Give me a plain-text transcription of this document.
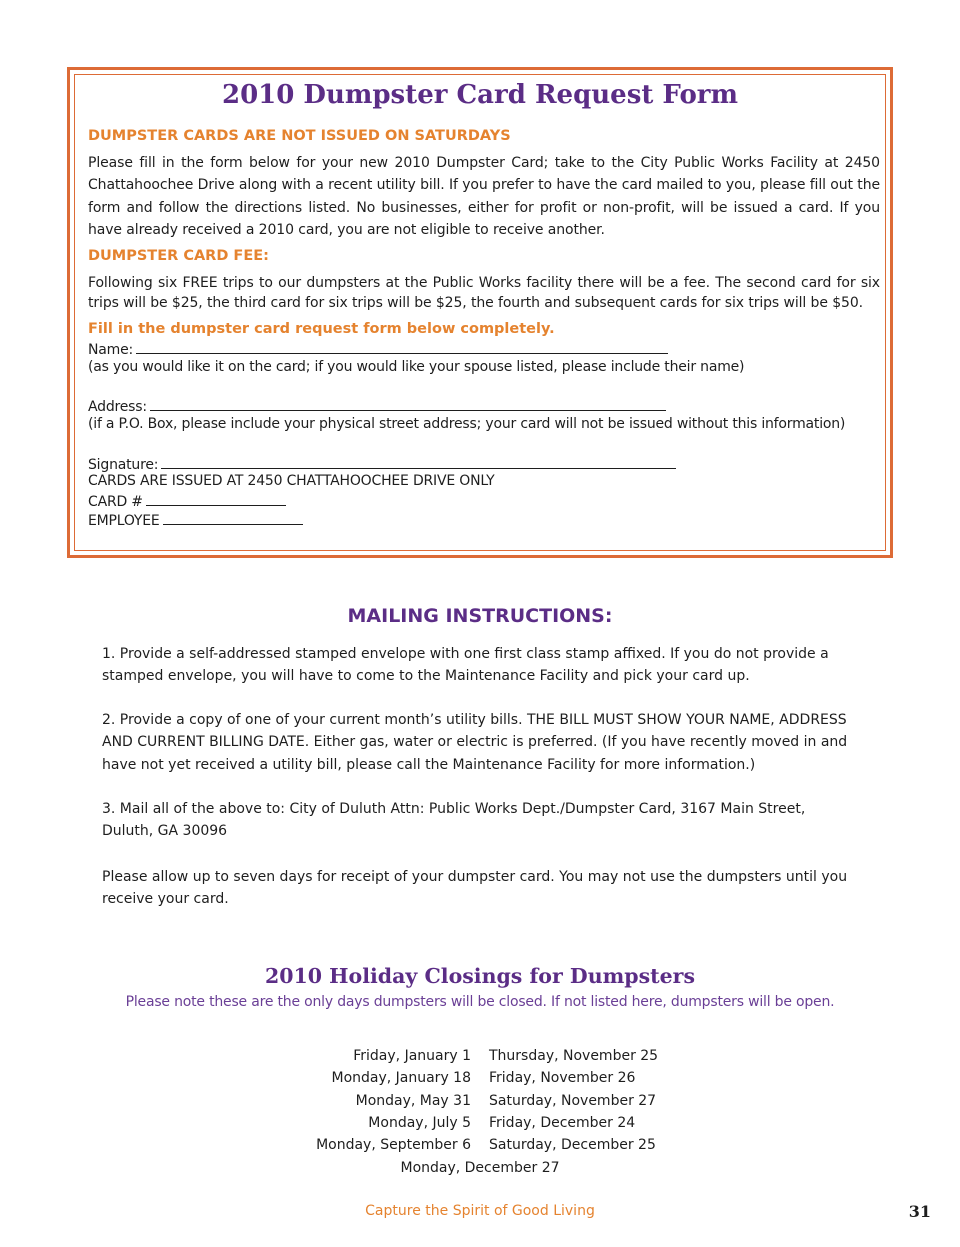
2010 Dumpster Card Request Form

DUMPSTER CARDS ARE NOT ISSUED ON SATURDAYS

Please fill in the form below for your new 2010 Dumpster Card; take to the City Public Works Facility at 2450 Chattahoochee Drive along with a recent utility bill. If you prefer to have the card mailed to you, please fill out the form and follow the directions listed. No businesses, either for profit or non-profit, will be issued a card. If you have already received a 2010 card, you are not eligible to receive another.

DUMPSTER CARD FEE:

Following six FREE trips to our dumpsters at the Public Works facility there will be a fee. The second card for six trips will be $25, the third card for six trips will be $25, the fourth and subsequent cards for six trips will be $50.

Fill in the dumpster card request form below completely.

Name:

(as you would like it on the card; if you would like your spouse listed, please include their name)

Address:

(if a P.O. Box, please include your physical street address; your card will not be issued without this information)

Signature:

CARDS ARE ISSUED AT 2450 CHATTAHOOCHEE DRIVE ONLY

CARD #

EMPLOYEE

MAILING INSTRUCTIONS:

1. Provide a self-addressed stamped envelope with one first class stamp affixed. If you do not provide a stamped envelope, you will have to come to the Maintenance Facility and pick your card up.

2. Provide a copy of one of your current month’s utility bills. THE BILL MUST SHOW YOUR NAME, ADDRESS AND CURRENT BILLING DATE. Either gas, water or electric is preferred. (If you have recently moved in and have not yet received a utility bill, please call the Maintenance Facility for more information.)

3. Mail all of the above to: City of Duluth Attn: Public Works Dept./Dumpster Card, 3167 Main Street, Duluth, GA 30096

Please allow up to seven days for receipt of your dumpster card. You may not use the dumpsters until you receive your card.

2010 Holiday Closings for Dumpsters

Please note these are the only days dumpsters will be closed. If not listed here, dumpsters will be open.

Friday, January 1
Monday, January 18
Monday, May 31
Monday, July 5
Monday, September 6
Thursday, November 25
Friday, November 26
Saturday, November 27
Friday, December 24
Saturday, December 25

Monday, December 27

Capture the Spirit of Good Living	31
